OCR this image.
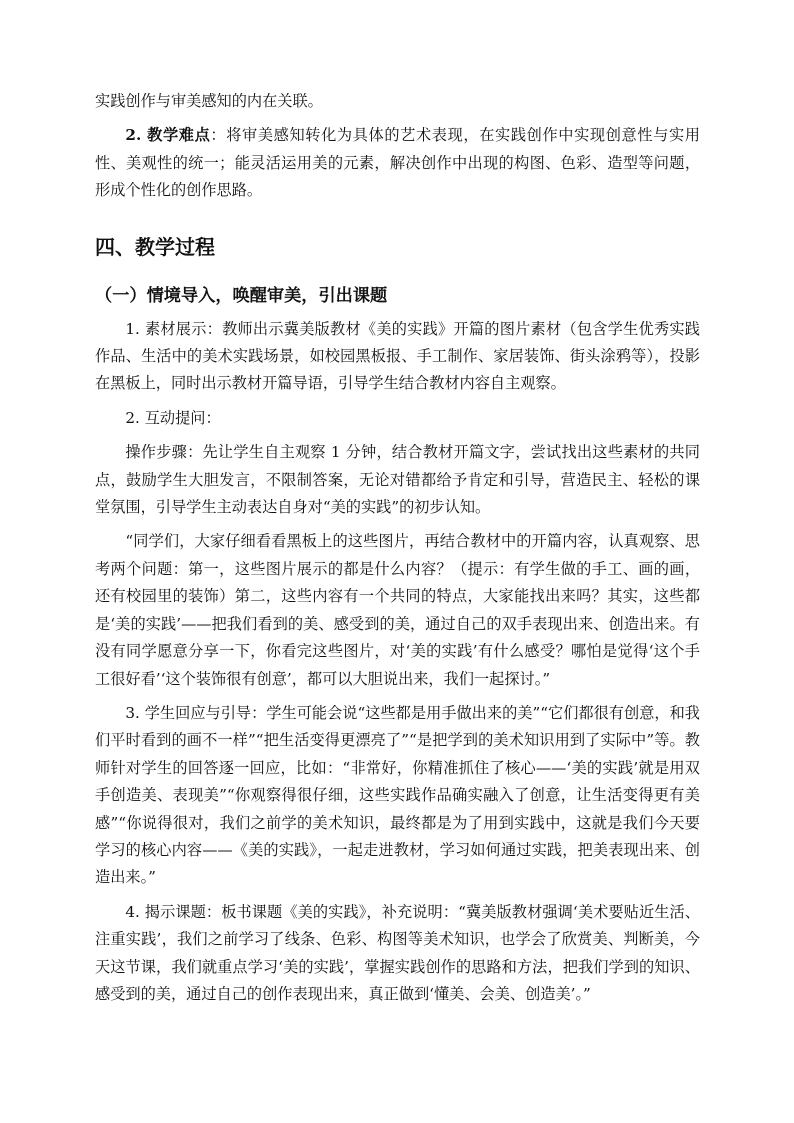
实践创作与审美感知的内在关联。

2. 教学难点：将审美感知转化为具体的艺术表现，在实践创作中实现创意性与实用性、美观性的统一；能灵活运用美的元素，解决创作中出现的构图、色彩、造型等问题，形成个性化的创作思路。

四、教学过程
（一）情境导入，唤醒审美，引出课题

1. 素材展示：教师出示冀美版教材《美的实践》开篇的图片素材（包含学生优秀实践作品、生活中的美术实践场景，如校园黑板报、手工制作、家居装饰、街头涂鸦等），投影在黑板上，同时出示教材开篇导语，引导学生结合教材内容自主观察。

2. 互动提问：

操作步骤：先让学生自主观察 1 分钟，结合教材开篇文字，尝试找出这些素材的共同点，鼓励学生大胆发言，不限制答案，无论对错都给予肯定和引导，营造民主、轻松的课堂氛围，引导学生主动表达自身对“美的实践”的初步认知。

“同学们，大家仔细看看黑板上的这些图片，再结合教材中的开篇内容，认真观察、思考两个问题：第一，这些图片展示的都是什么内容？（提示：有学生做的手工、画的画，还有校园里的装饰）第二，这些内容有一个共同的特点，大家能找出来吗？其实，这些都是‘美的实践’——把我们看到的美、感受到的美，通过自己的双手表现出来、创造出来。有没有同学愿意分享一下，你看完这些图片，对‘美的实践’有什么感受？哪怕是觉得‘这个手工很好看’‘这个装饰很有创意’，都可以大胆说出来，我们一起探讨。”

3. 学生回应与引导：学生可能会说“这些都是用手做出来的美”“它们都很有创意，和我们平时看到的画不一样”“把生活变得更漂亮了”“是把学到的美术知识用到了实际中”等。教师针对学生的回答逐一回应，比如：“非常好，你精准抓住了核心——‘美的实践’就是用双手创造美、表现美”“你观察得很仔细，这些实践作品确实融入了创意，让生活变得更有美感”“你说得很对，我们之前学的美术知识，最终都是为了用到实践中，这就是我们今天要学习的核心内容——《美的实践》，一起走进教材，学习如何通过实践，把美表现出来、创造出来。”

4. 揭示课题：板书课题《美的实践》，补充说明：“冀美版教材强调‘美术要贴近生活、注重实践’，我们之前学习了线条、色彩、构图等美术知识，也学会了欣赏美、判断美，今天这节课，我们就重点学习‘美的实践’，掌握实践创作的思路和方法，把我们学到的知识、感受到的美，通过自己的创作表现出来，真正做到‘懂美、会美、创造美’。”
